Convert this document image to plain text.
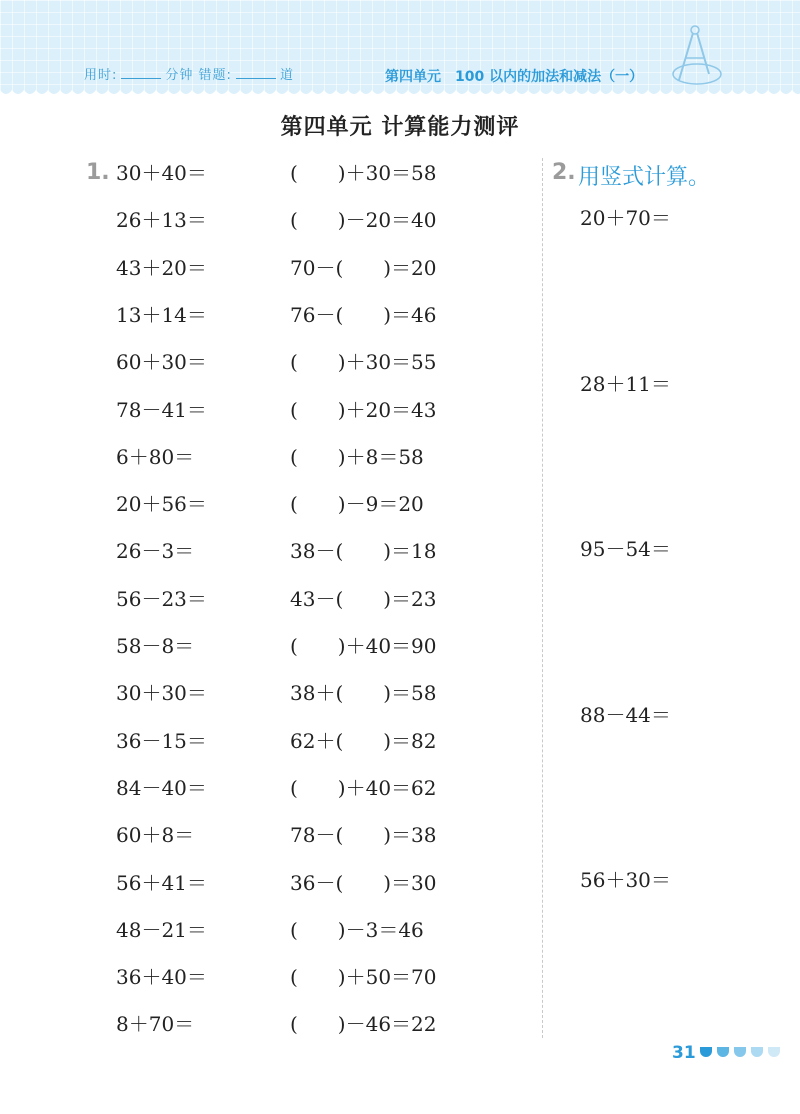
用时:	分钟 错题:	道	第四单元　100 以内的加法和减法（一）
第四单元 计算能力测评
1. 30＋40＝	(　　)＋30＝58
26＋13＝	(　　)－20＝40
43＋20＝	70－(　　)＝20
13＋14＝	76－(　　)＝46
60＋30＝	(　　)＋30＝55
78－41＝	(　　)＋20＝43
6＋80＝	(　　)＋8＝58
20＋56＝	(　　)－9＝20
26－3＝	38－(　　)＝18
56－23＝	43－(　　)＝23
58－8＝	(　　)＋40＝90
30＋30＝	38＋(　　)＝58
36－15＝	62＋(　　)＝82
84－40＝	(　　)＋40＝62
60＋8＝	78－(　　)＝38
56＋41＝	36－(　　)＝30
48－21＝	(　　)－3＝46
36＋40＝	(　　)＋50＝70
8＋70＝	(　　)－46＝22
2. 用竖式计算。
20＋70＝
28＋11＝
95－54＝
88－44＝
56＋30＝
31
